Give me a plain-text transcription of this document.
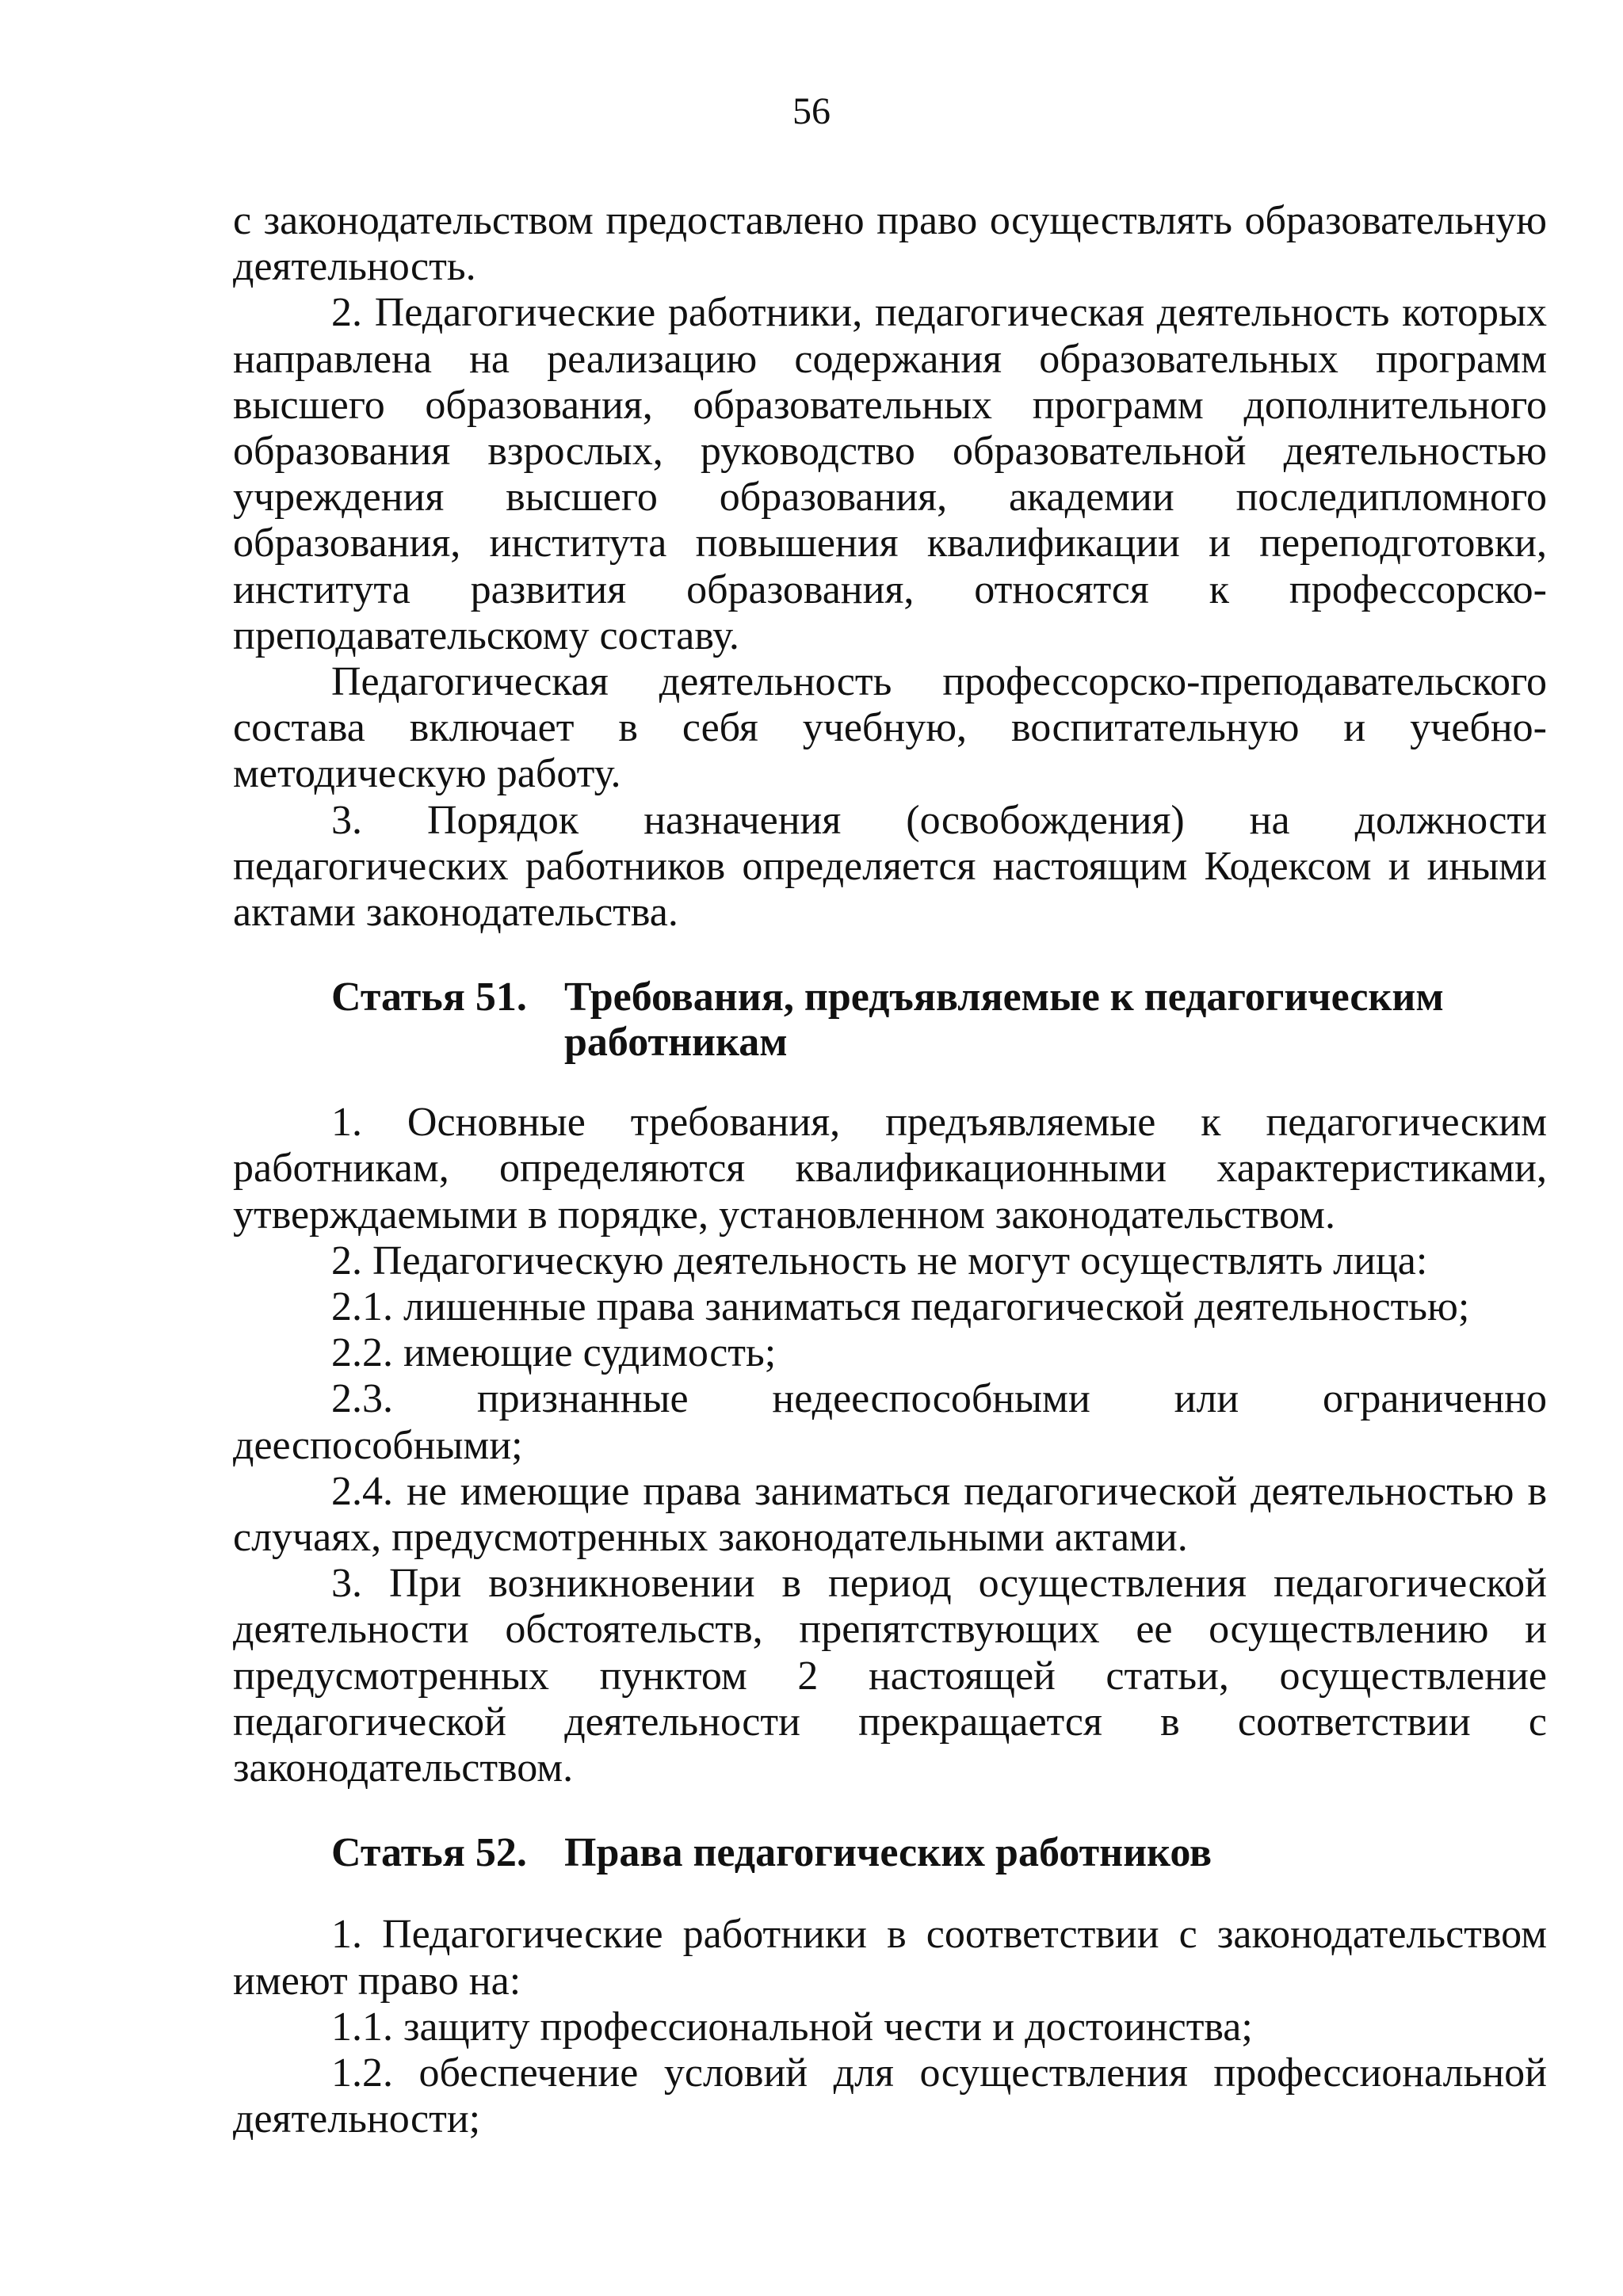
56

с законодательством предоставлено право осуществлять образовательную деятельность.

2. Педагогические работники, педагогическая деятельность которых направлена на реализацию содержания образовательных программ высшего образования, образовательных программ дополнительного образования взрослых, руководство образовательной деятельностью учреждения высшего образования, академии последипломного образования, института повышения квалификации и переподготовки, института развития образования, относятся к профессорско-преподавательскому составу.

Педагогическая деятельность профессорско-преподавательского состава включает в себя учебную, воспитательную и учебно-методическую работу.

3. Порядок назначения (освобождения) на должности педагогических работников определяется настоящим Кодексом и иными актами законодательства.

Статья 51. Требования, предъявляемые к педагогическим работникам

1. Основные требования, предъявляемые к педагогическим работникам, определяются квалификационными характеристиками, утверждаемыми в порядке, установленном законодательством.

2. Педагогическую деятельность не могут осуществлять лица:

2.1. лишенные права заниматься педагогической деятельностью;

2.2. имеющие судимость;

2.3. признанные недееспособными или ограниченно дееспособными;

2.4. не имеющие права заниматься педагогической деятельностью в случаях, предусмотренных законодательными актами.

3. При возникновении в период осуществления педагогической деятельности обстоятельств, препятствующих ее осуществлению и предусмотренных пунктом 2 настоящей статьи, осуществление педагогической деятельности прекращается в соответствии с законодательством.

Статья 52. Права педагогических работников

1. Педагогические работники в соответствии с законодательством имеют право на:

1.1. защиту профессиональной чести и достоинства;

1.2. обеспечение условий для осуществления профессиональной деятельности;
